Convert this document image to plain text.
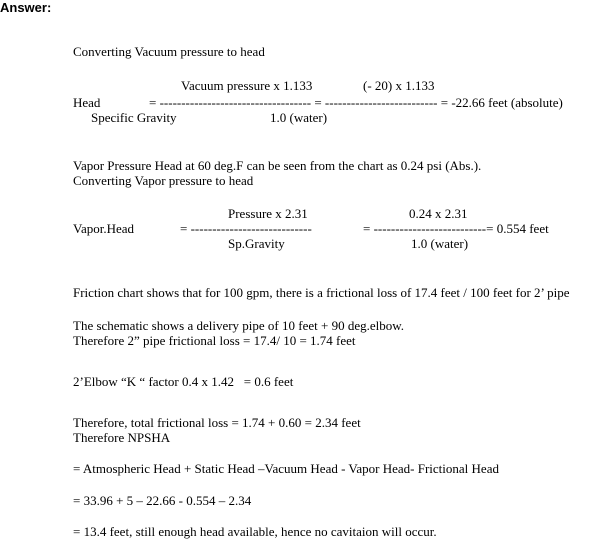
Answer:
Converting Vacuum pressure to head
Vacuum pressure x 1.133	(- 20) x 1.133
Head	= ----------------------------------- = -------------------------- = -22.66 feet (absolute)
Specific Gravity	1.0 (water)
Vapor Pressure Head at 60 deg.F can be seen from the chart as 0.24 psi (Abs.).
Converting Vapor pressure to head
Pressure x 2.31	0.24 x 2.31
Vapor.Head	= ----------------------------	= --------------------------= 0.554 feet
Sp.Gravity	1.0 (water)
Friction chart shows that for 100 gpm, there is a frictional loss of 17.4 feet / 100 feet for 2’ pipe
The schematic shows a delivery pipe of 10 feet + 90 deg.elbow.
Therefore 2” pipe frictional loss = 17.4/ 10 = 1.74 feet
2’Elbow “K “ factor 0.4 x 1.42   = 0.6 feet
Therefore, total frictional loss = 1.74 + 0.60 = 2.34 feet
Therefore NPSHA
= Atmospheric Head + Static Head –Vacuum Head - Vapor Head- Frictional Head
= 33.96 + 5 – 22.66 - 0.554 – 2.34
= 13.4 feet, still enough head available, hence no cavitaion will occur.
